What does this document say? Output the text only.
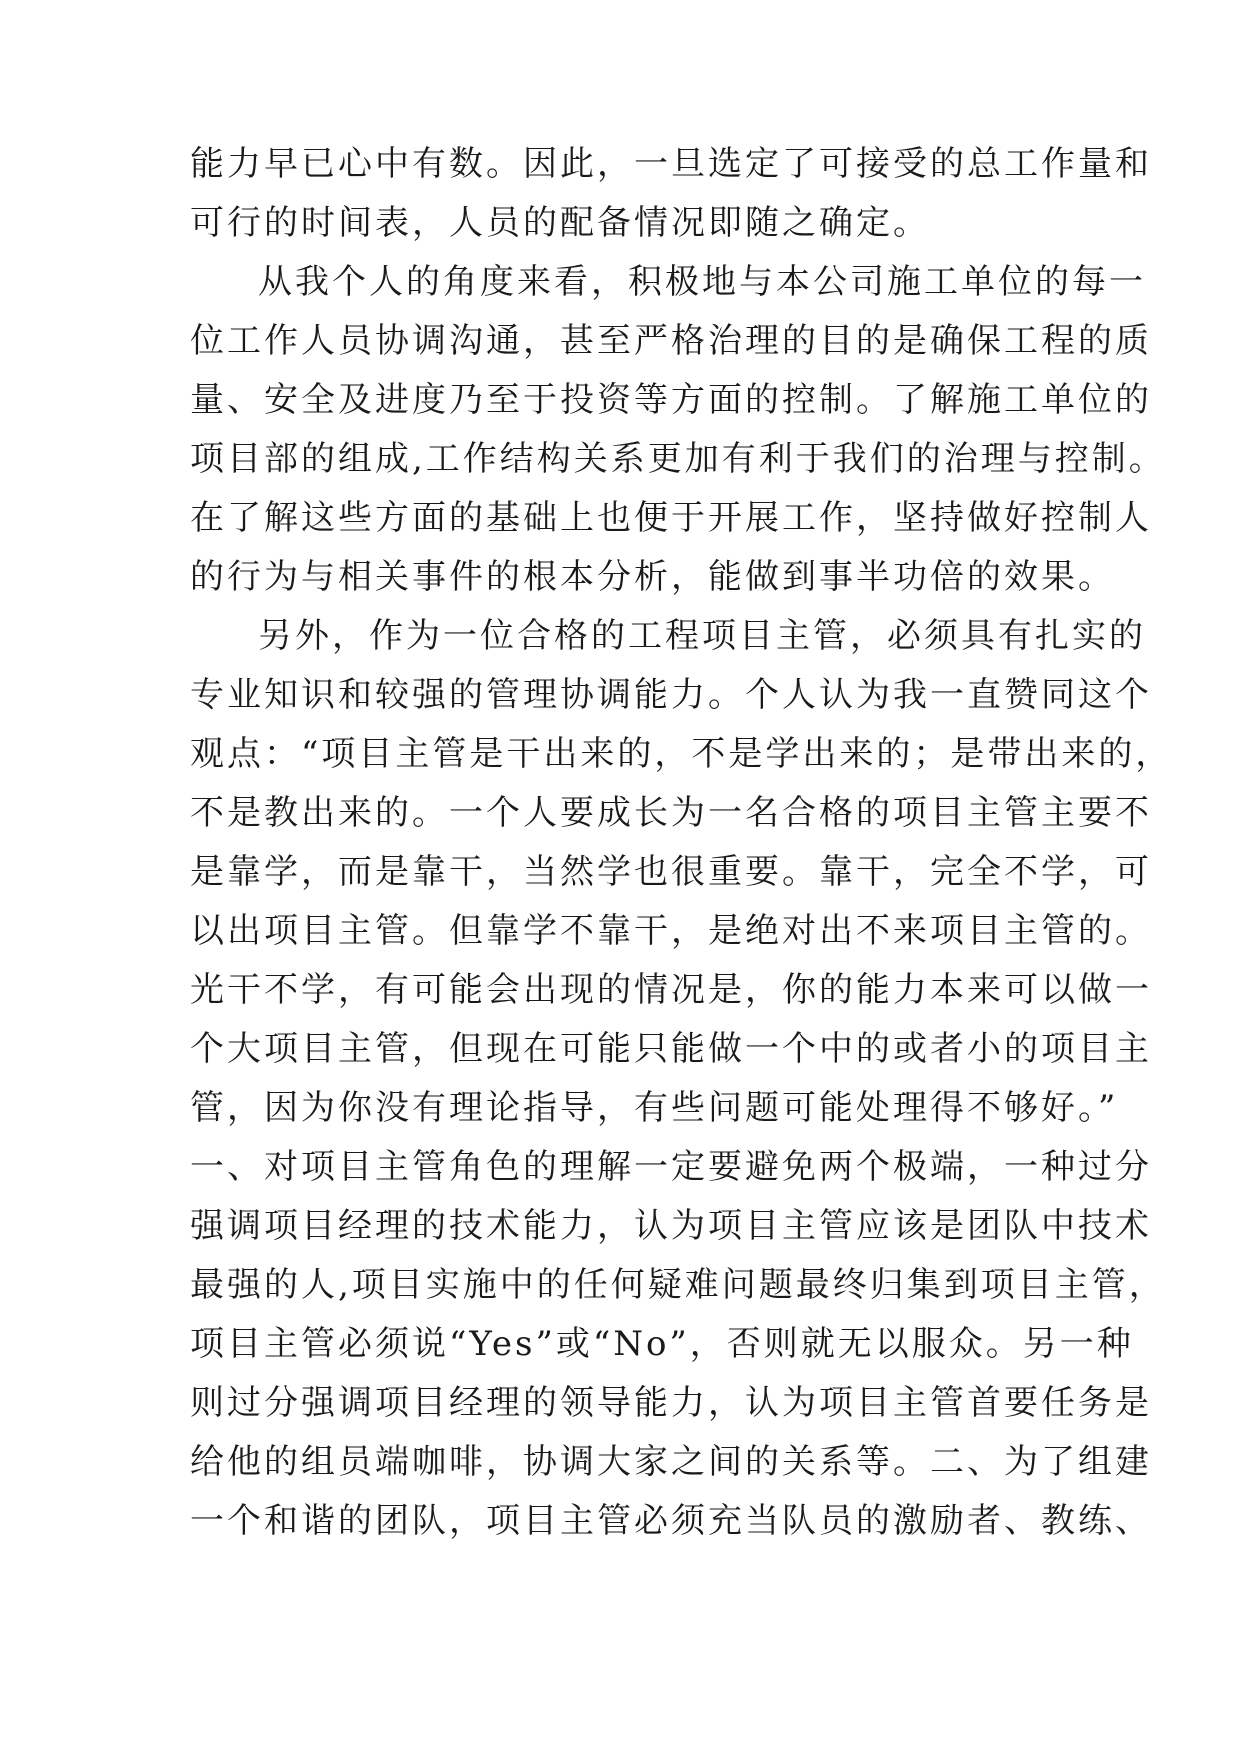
能力早已心中有数。因此，一旦选定了可接受的总工作量和
可行的时间表，人员的配备情况即随之确定。
从我个人的角度来看，积极地与本公司施工单位的每一
位工作人员协调沟通，甚至严格治理的目的是确保工程的质
量、安全及进度乃至于投资等方面的控制。了解施工单位的
项目部的组成,工作结构关系更加有利于我们的治理与控制。
在了解这些方面的基础上也便于开展工作，坚持做好控制人
的行为与相关事件的根本分析，能做到事半功倍的效果。
另外，作为一位合格的工程项目主管，必须具有扎实的
专业知识和较强的管理协调能力。个人认为我一直赞同这个
观点：“项目主管是干出来的，不是学出来的；是带出来的，
不是教出来的。一个人要成长为一名合格的项目主管主要不
是靠学，而是靠干，当然学也很重要。靠干，完全不学，可
以出项目主管。但靠学不靠干，是绝对出不来项目主管的。
光干不学，有可能会出现的情况是，你的能力本来可以做一
个大项目主管，但现在可能只能做一个中的或者小的项目主
管，因为你没有理论指导，有些问题可能处理得不够好。”
一、对项目主管角色的理解一定要避免两个极端，一种过分
强调项目经理的技术能力，认为项目主管应该是团队中技术
最强的人,项目实施中的任何疑难问题最终归集到项目主管，
项目主管必须说“Yes”或“No”，否则就无以服众。另一种
则过分强调项目经理的领导能力，认为项目主管首要任务是
给他的组员端咖啡，协调大家之间的关系等。二、为了组建
一个和谐的团队，项目主管必须充当队员的激励者、教练、
